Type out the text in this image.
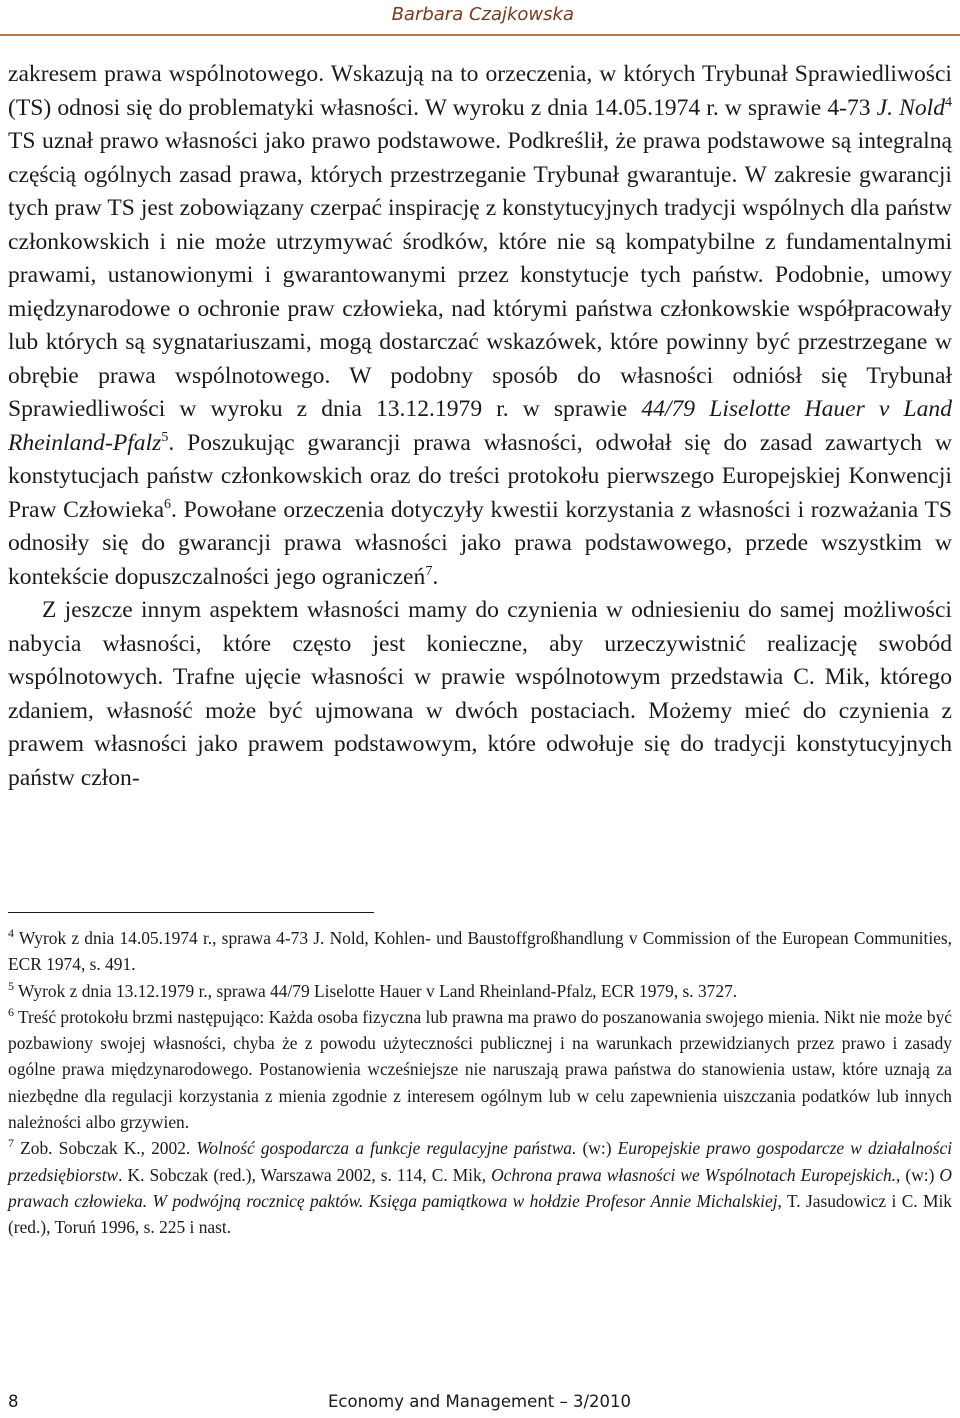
Barbara Czajkowska

zakresem prawa wspólnotowego. Wskazują na to orzeczenia, w których Trybunał Sprawiedliwości (TS) odnosi się do problematyki własności. W wyroku z dnia 14.05.1974 r. w sprawie 4-73 J. Nold$^4$ TS uznał prawo własności jako prawo podstawowe. Podkreślił, że prawa podstawowe są integralną częścią ogólnych zasad prawa, których przestrzeganie Trybunał gwarantuje. W zakresie gwarancji tych praw TS jest zobowiązany czerpać inspirację z konstytucyjnych tradycji wspólnych dla państw członkowskich i nie może utrzymywać środków, które nie są kompatybilne z fundamentalnymi prawami, ustanowionymi i gwarantowanymi przez konstytucje tych państw. Podobnie, umowy międzynarodowe o ochronie praw człowieka, nad którymi państwa członkowskie współpracowały lub których są sygnatariuszami, mogą dostarczać wskazówek, które powinny być przestrzegane w obrębie prawa wspólnotowego. W podobny sposób do własności odniósł się Trybunał Sprawiedliwości w wyroku z dnia 13.12.1979 r. w sprawie 44/79 Liselotte Hauer v Land Rheinland-Pfalz$^5$. Poszukując gwarancji prawa własności, odwołał się do zasad zawartych w konstytucjach państw członkowskich oraz do treści protokołu pierwszego Europejskiej Konwencji Praw Człowieka$^6$. Powołane orzeczenia dotyczyły kwestii korzystania z własności i rozważania TS odnosiły się do gwarancji prawa własności jako prawa podstawowego, przede wszystkim w kontekście dopuszczalności jego ograniczeń$^7$.

Z jeszcze innym aspektem własności mamy do czynienia w odniesieniu do samej możliwości nabycia własności, które często jest konieczne, aby urzeczywistnić realizację swobód wspólnotowych. Trafne ujęcie własności w prawie wspólnotowym przedstawia C. Mik, którego zdaniem, własność może być ujmowana w dwóch postaciach. Możemy mieć do czynienia z prawem własności jako prawem podstawowym, które odwołuje się do tradycji konstytucyjnych państw człon-

$^4$ Wyrok z dnia 14.05.1974 r., sprawa 4-73 J. Nold, Kohlen- und Baustoffgroßhandlung v Commission of the European Communities, ECR 1974, s. 491.

$^5$ Wyrok z dnia 13.12.1979 r., sprawa 44/79 Liselotte Hauer v Land Rheinland-Pfalz, ECR 1979, s. 3727.

$^6$ Treść protokołu brzmi następująco: Każda osoba fizyczna lub prawna ma prawo do poszanowania swojego mienia. Nikt nie może być pozbawiony swojej własności, chyba że z powodu użyteczności publicznej i na warunkach przewidzianych przez prawo i zasady ogólne prawa międzynarodowego. Postanowienia wcześniejsze nie naruszają prawa państwa do stanowienia ustaw, które uznają za niezbędne dla regulacji korzystania z mienia zgodnie z interesem ogólnym lub w celu zapewnienia uiszczania podatków lub innych należności albo grzywien.

$^7$ Zob. Sobczak K., 2002. Wolność gospodarcza a funkcje regulacyjne państwa. (w:) Europejskie prawo gospodarcze w działalności przedsiębiorstw. K. Sobczak (red.), Warszawa 2002, s. 114, C. Mik, Ochrona prawa własności we Wspólnotach Europejskich., (w:) O prawach człowieka. W podwójną rocznicę paktów. Księga pamiątkowa w hołdzie Profesor Annie Michalskiej, T. Jasudowicz i C. Mik (red.), Toruń 1996, s. 225 i nast.

8	Economy and Management – 3/2010
